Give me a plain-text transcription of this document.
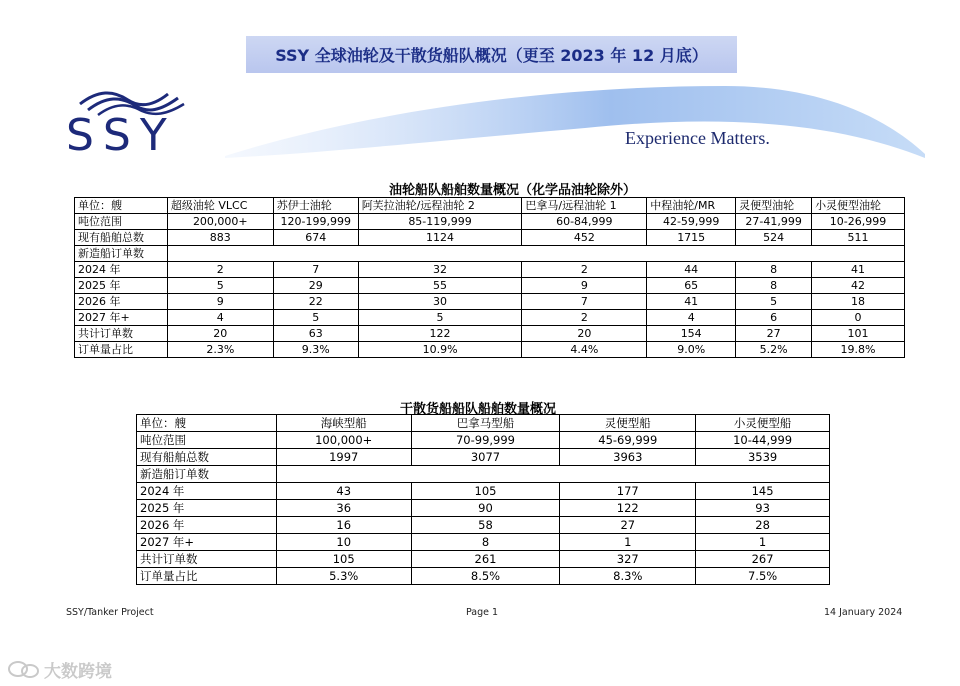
SSY 全球油轮及干散货船队概况（更至 2023 年 12 月底）
SSY	Experience Matters.
油轮船队船舶数量概况（化学品油轮除外）
单位：艘	超级油轮 VLCC	苏伊士油轮	阿芙拉油轮/远程油轮 2	巴拿马/远程油轮 1	中程油轮/MR	灵便型油轮	小灵便型油轮
吨位范围	200,000+	120-199,999	85-119,999	60-84,999	42-59,999	27-41,999	10-26,999
现有船舶总数	883	674	1124	452	1715	524	511
新造船订单数							
2024 年	2	7	32	2	44	8	41
2025 年	5	29	55	9	65	8	42
2026 年	9	22	30	7	41	5	18
2027 年+	4	5	5	2	4	6	0
共计订单数	20	63	122	20	154	27	101
订单量占比	2.3%	9.3%	10.9%	4.4%	9.0%	5.2%	19.8%
干散货船船队船舶数量概况
单位：艘	海峡型船	巴拿马型船	灵便型船	小灵便型船
吨位范围	100,000+	70-99,999	45-69,999	10-44,999
现有船舶总数	1997	3077	3963	3539
新造船订单数				
2024 年	43	105	177	145
2025 年	36	90	122	93
2026 年	16	58	27	28
2027 年+	10	8	1	1
共计订单数	105	261	327	267
订单量占比	5.3%	8.5%	8.3%	7.5%
SSY/Tanker Project	Page 1	14 January 2024
大数跨境
